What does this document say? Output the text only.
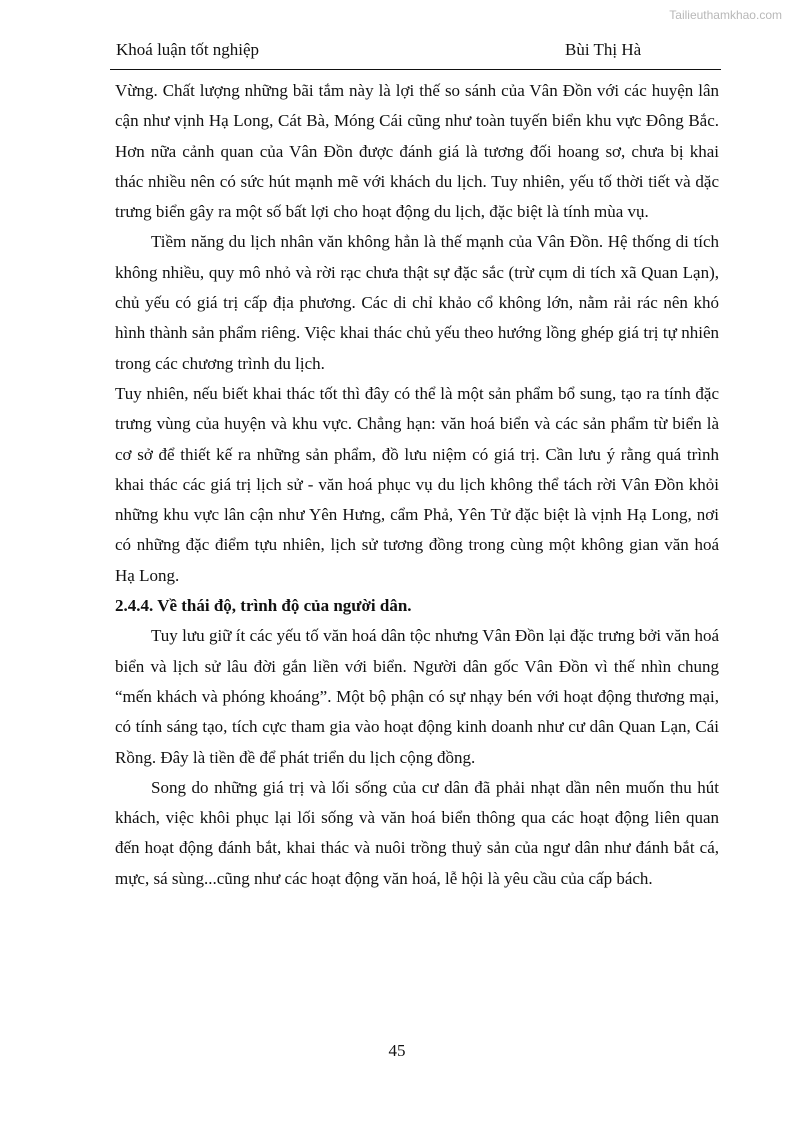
Tailieuthamkhao.com
Khoá luận tốt nghiệp	Bùi Thị Hà

Vừng. Chất lượng những bãi tắm này là lợi thế so sánh của Vân Đồn với các huyện lân cận như vịnh Hạ Long, Cát Bà, Móng Cái cũng như toàn tuyến biển khu vực Đông Bắc. Hơn nữa cảnh quan của Vân Đồn được đánh giá là tương đối hoang sơ, chưa bị khai thác nhiều nên có sức hút mạnh mẽ với khách du lịch. Tuy nhiên, yếu tố thời tiết và dặc trưng biển gây ra một số bất lợi cho hoạt động du lịch, đặc biệt là tính mùa vụ.

Tiềm năng du lịch nhân văn không hẳn là thế mạnh của Vân Đồn. Hệ thống di tích không nhiều, quy mô nhỏ và rời rạc chưa thật sự đặc sắc (trừ cụm di tích xã Quan Lạn), chủ yếu có giá trị cấp địa phương. Các di chỉ khảo cổ không lớn, nằm rải rác nên khó hình thành sản phẩm riêng. Việc khai thác chủ yếu theo hướng lồng ghép giá trị tự nhiên trong các chương trình du lịch.

Tuy nhiên, nếu biết khai thác tốt thì đây có thể là một sản phẩm bổ sung, tạo ra tính đặc trưng vùng của huyện và khu vực. Chẳng hạn: văn hoá biển và các sản phẩm từ biển là cơ sở để thiết kế ra những sản phẩm, đồ lưu niệm có giá trị. Cần lưu ý rằng quá trình khai thác các giá trị lịch sử - văn hoá phục vụ du lịch không thể tách rời Vân Đồn khỏi những khu vực lân cận như Yên Hưng, cẩm Phả, Yên Tử đặc biệt là vịnh Hạ Long, nơi có những đặc điểm tựu nhiên, lịch sử tương đồng trong cùng một không gian văn hoá Hạ Long.

2.4.4. Về thái độ, trình độ của người dân.

Tuy lưu giữ ít các yếu tố văn hoá dân tộc nhưng Vân Đồn lại đặc trưng bởi văn hoá biển và lịch sử lâu đời gắn liền với biển. Người dân gốc Vân Đồn vì thế nhìn chung “mến khách và phóng khoáng”. Một bộ phận có sự nhạy bén với hoạt động thương mại, có tính sáng tạo, tích cực tham gia vào hoạt động kinh doanh như cư dân Quan Lạn, Cái Rồng. Đây là tiền đề để phát triển du lịch cộng đồng.

Song do những giá trị và lối sống của cư dân đã phải nhạt dần nên muốn thu hút khách, việc khôi phục lại lối sống và văn hoá biển thông qua các hoạt động liên quan đến hoạt động đánh bắt, khai thác và nuôi trồng thuỷ sản của ngư dân như đánh bắt cá, mực, sá sùng...cũng như các hoạt động văn hoá, lễ hội là yêu cầu của cấp bách.

45
